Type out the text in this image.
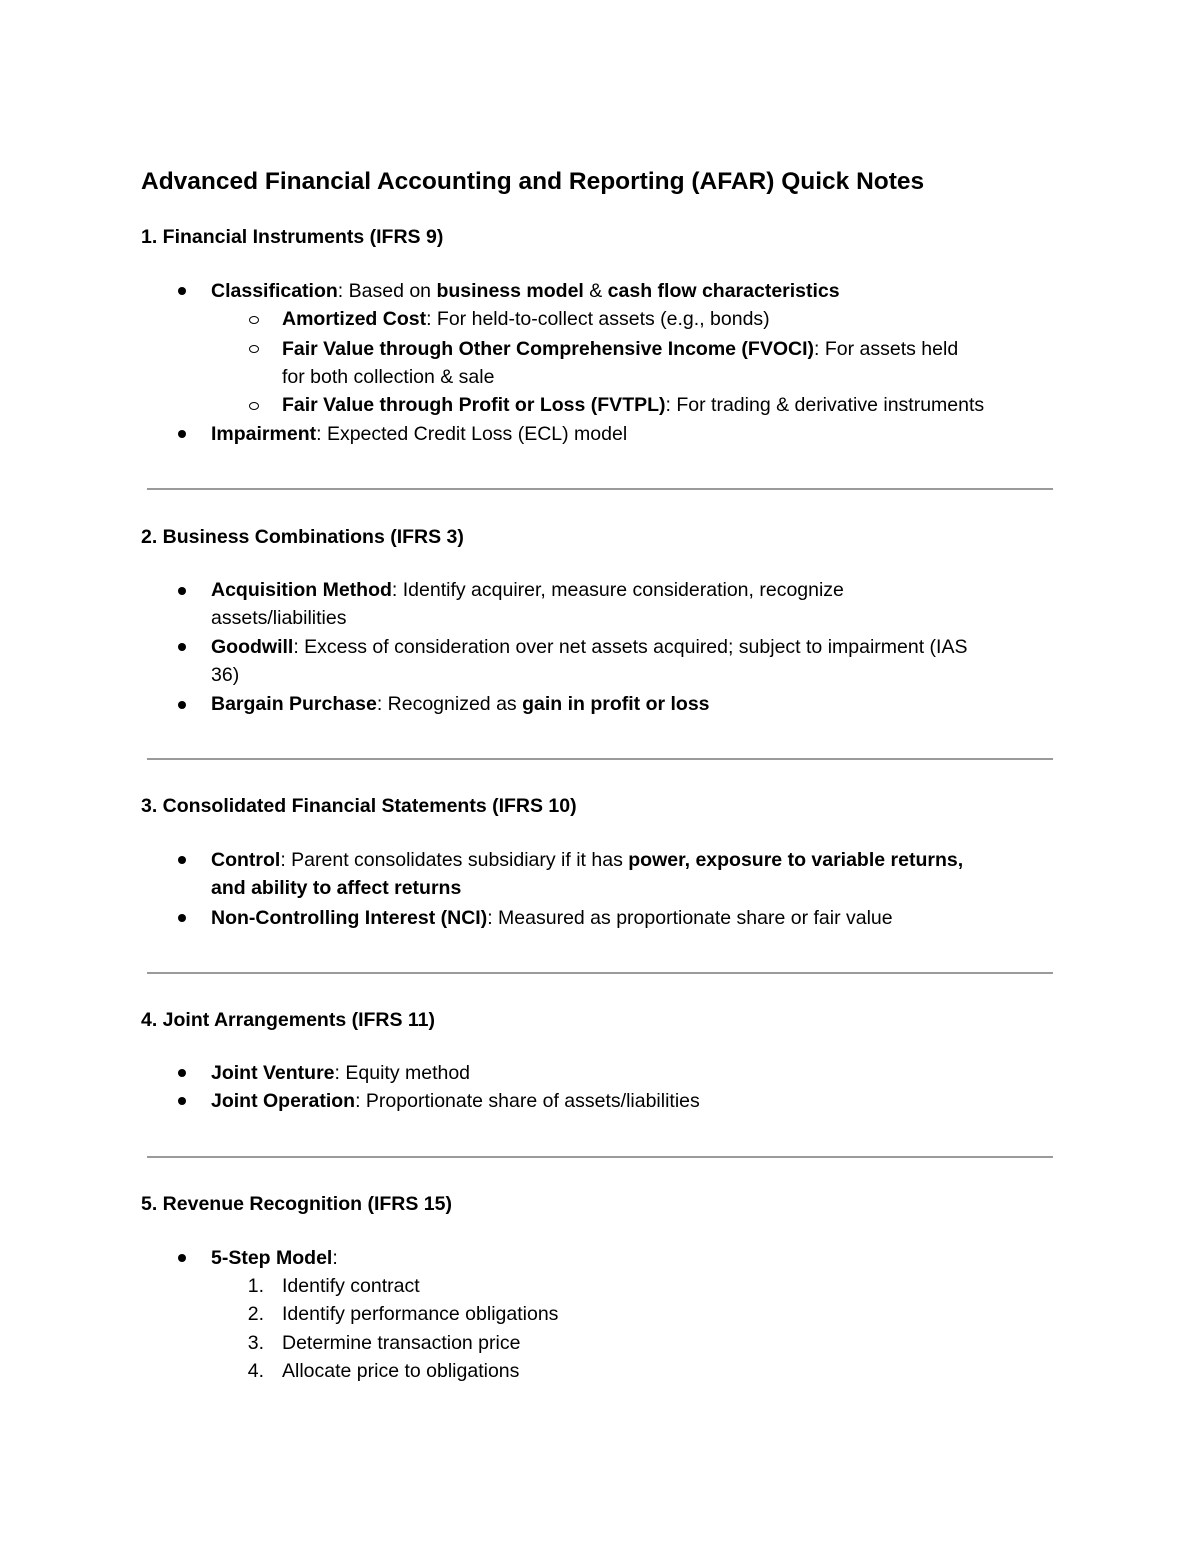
Advanced Financial Accounting and Reporting (AFAR) Quick Notes
1. Financial Instruments (IFRS 9)
Classification: Based on business model & cash flow characteristics
Amortized Cost: For held-to-collect assets (e.g., bonds)
Fair Value through Other Comprehensive Income (FVOCI): For assets held
for both collection & sale
Fair Value through Profit or Loss (FVTPL): For trading & derivative instruments
Impairment: Expected Credit Loss (ECL) model
2. Business Combinations (IFRS 3)
Acquisition Method: Identify acquirer, measure consideration, recognize
assets/liabilities
Goodwill: Excess of consideration over net assets acquired; subject to impairment (IAS
36)
Bargain Purchase: Recognized as gain in profit or loss
3. Consolidated Financial Statements (IFRS 10)
Control: Parent consolidates subsidiary if it has power, exposure to variable returns,
and ability to affect returns
Non-Controlling Interest (NCI): Measured as proportionate share or fair value
4. Joint Arrangements (IFRS 11)
Joint Venture: Equity method
Joint Operation: Proportionate share of assets/liabilities
5. Revenue Recognition (IFRS 15)
5-Step Model:
1. Identify contract
2. Identify performance obligations
3. Determine transaction price
4. Allocate price to obligations
